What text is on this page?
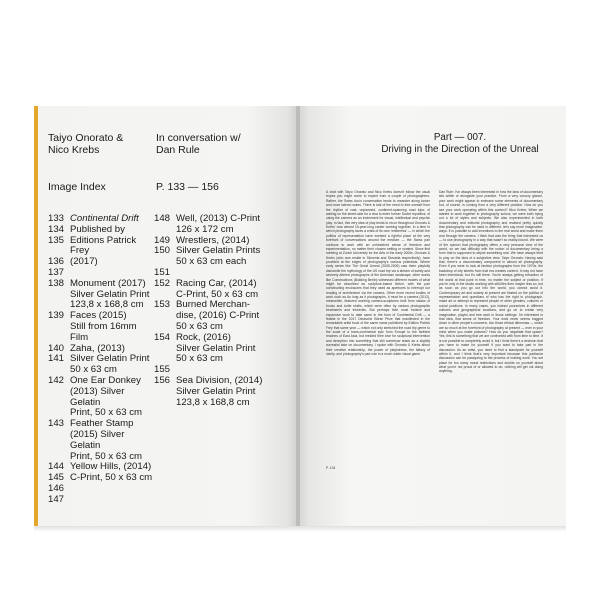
Taiyo Onorato &
Nico Krebs
In conversation w/
Dan Rule
Image Index	P. 133 — 156
133 Continental Drift
134 Published by
135 Editions Patrick Frey
136 (2017)
137

138 Monument (2017)
Silver Gelatin Print
123,8 x 168,8 cm
139 Faces (2015)
Still from 16mm Film
140 Zaha, (2013)
141 Silver Gelatin Print
50 x 63 cm
142 One Ear Donkey
(2013) Silver Gelatin
Print, 50 x 63 cm
143 Feather Stamp
(2015) Silver Gelatin
Print, 50 x 63 cm
144 Yellow Hills, (2014)
145 C-Print, 50 x 63 cm
146

147

148 Well, (2013) C-Print
126 x 172 cm
149 Wrestlers, (2014)
150 Silver Gelatin Prints
50 x 63 cm each
151

152 Racing Car, (2014)
C-Print, 50 x 63 cm
153 Burned Merchan-
dise, (2016) C-Print
50 x 63 cm
154 Rock, (2016)
Silver Gelatin Print
50 x 63 cm
155

156 Sea Division, (2014)
Silver Gelatin Print
123,8 x 168,8 cm
Part — 007.
Driving in the Direction of the Unreal
A chat with Taiyo Onorato and Nico Krebs doesn't follow the usual tropes you might come to expect from a couple of photographers. Rather, the Swiss duo's conversation tends to meander along looser and more lateral routes. There is talk of the need to free oneself from the rhythm of vast, unplanned, continent-spanning road trips; of waiting on the street-side for a visa to enter former Soviet republics; of using the camera as an instrument for visual, intellectual and psychic play. In fact, this very idea of play tends to recur throughout Onorato & Krebs' now almost 15-year-long career working together. In a time in which photography faces a crisis of its own 'whiteness' — in which the politics of representation have wrested a rightful place at the very forefront of conversations around the medium — the Swiss pair continue to work with an unhindered sense of freedom and experimentation, no matter their chosen setting or context. Since first meeting at Zurich University for the Arts in the early 2000s, Onorato & Krebs (who now reside in Slovenia and Slovakia respectively), have provided at the edges of photography's various potentials. Where early series like The Great Unreal (2005-2009) saw them playfully dismantle the mythology of the US road trip via a stream of subtly and severely altered photographs of the American landscape, other works like Constructions (Building Berlin) witnessed different modes of what might be described as sculpture-based fiction, with the pair constructing enclosures that they used as apertures to interrupt our reading of architecture via the camera. Other more recent bodies of work such as As long as it photographs, it must be a camera (2012), meanwhile, featured working camera-sculptures built from stacks of books and turtle shells, which were often by various photographic treatments and trickeries. But perhaps their most incisive and expansive work to date came in the form of Continental Drift — a finalist in the 2017 Deutsche Börse Prize that manifested in the remarkable artist book of the same name published by Edition Patrick Frey that same year — which not only stretched the road trip genre to the scale of a trans-continental epic from Europe to the farthest reaches of East Asia, but melded their love for sculptural intervention and deception into something that still somehow reads as a slightly surrealist take on documentary. I spoke with Onorato & Krebs about their creative relationship, the power of playfulness, the fallacy of clarity, and photography's part role in a much wider visual game.
Dan Rule: I've always been interested in how the idea of documentary sits within or alongside your practice. From a very cursory glance, your work might appear to embrace some elements of documentary but, of course, is coming from a very different position. How do you see your work operating within this context? Nico Krebs: When we started to work together in photography school, we were both trying out a lot of styles and subjects. We also experimented in both documentary and editorial photography and realised pretty quickly that photography can be used in different, let's say more imaginative, ways. It is possible to add inventions to the real world and make them real through the camera. I think that was the thing that interested us — to use photography in a way that wasn't so reality-bound. We were of the opinion that photography offers a very personal view of the world, so we had difficulty with the notion of documentary being a form that is supposed to depict something real. We have always tried to play on the idea of a subjective view. Taiyo Onorato: Having said that, there's a documentary component in almost all photography. Even if you were to look at fashion photographs from the 1970s, the backdrop of city streets from that era creates context. It may not have been intentional, but it's still there. You're always getting refraction of the world at that point in time, no matter the subject or position. If you're only in the studio working with still-lifes then maybe less so, but as soon as you go out into the world, you cannot avoid it. Contemporary art and society at present are fixated on the politics of representation and questions of who has the right to photograph, make art or attempt to represent people of other genders, cultures or social positions. In many cases, you indeed yourselves in different cultures and geographical locations, and go on to create very imaginative, playful and free work in those settings. I'm interested in that idea, that sense of freedom. Your work never seems bogged down in other people's concerns. Are those ethical dilemmas — which are so much at the forefront of photography at present — ever in your mind when you make pictures? How do you negotiate that space? Yes, this is something that we are confronted with from time to time. It is not possible to completely avoid it, but I think there's a decision that you have to make for yourself if you want to take part in the discussion. As an artist, you need to find a standpoint for yourself within it, and I think that's very important because this particular discussion can be paralyzing to the process of making work. You set place for too many moral restrictions and doubts on yourself about what you're not proud of or allowed to do, nothing will get out doing anything.
P. 134
